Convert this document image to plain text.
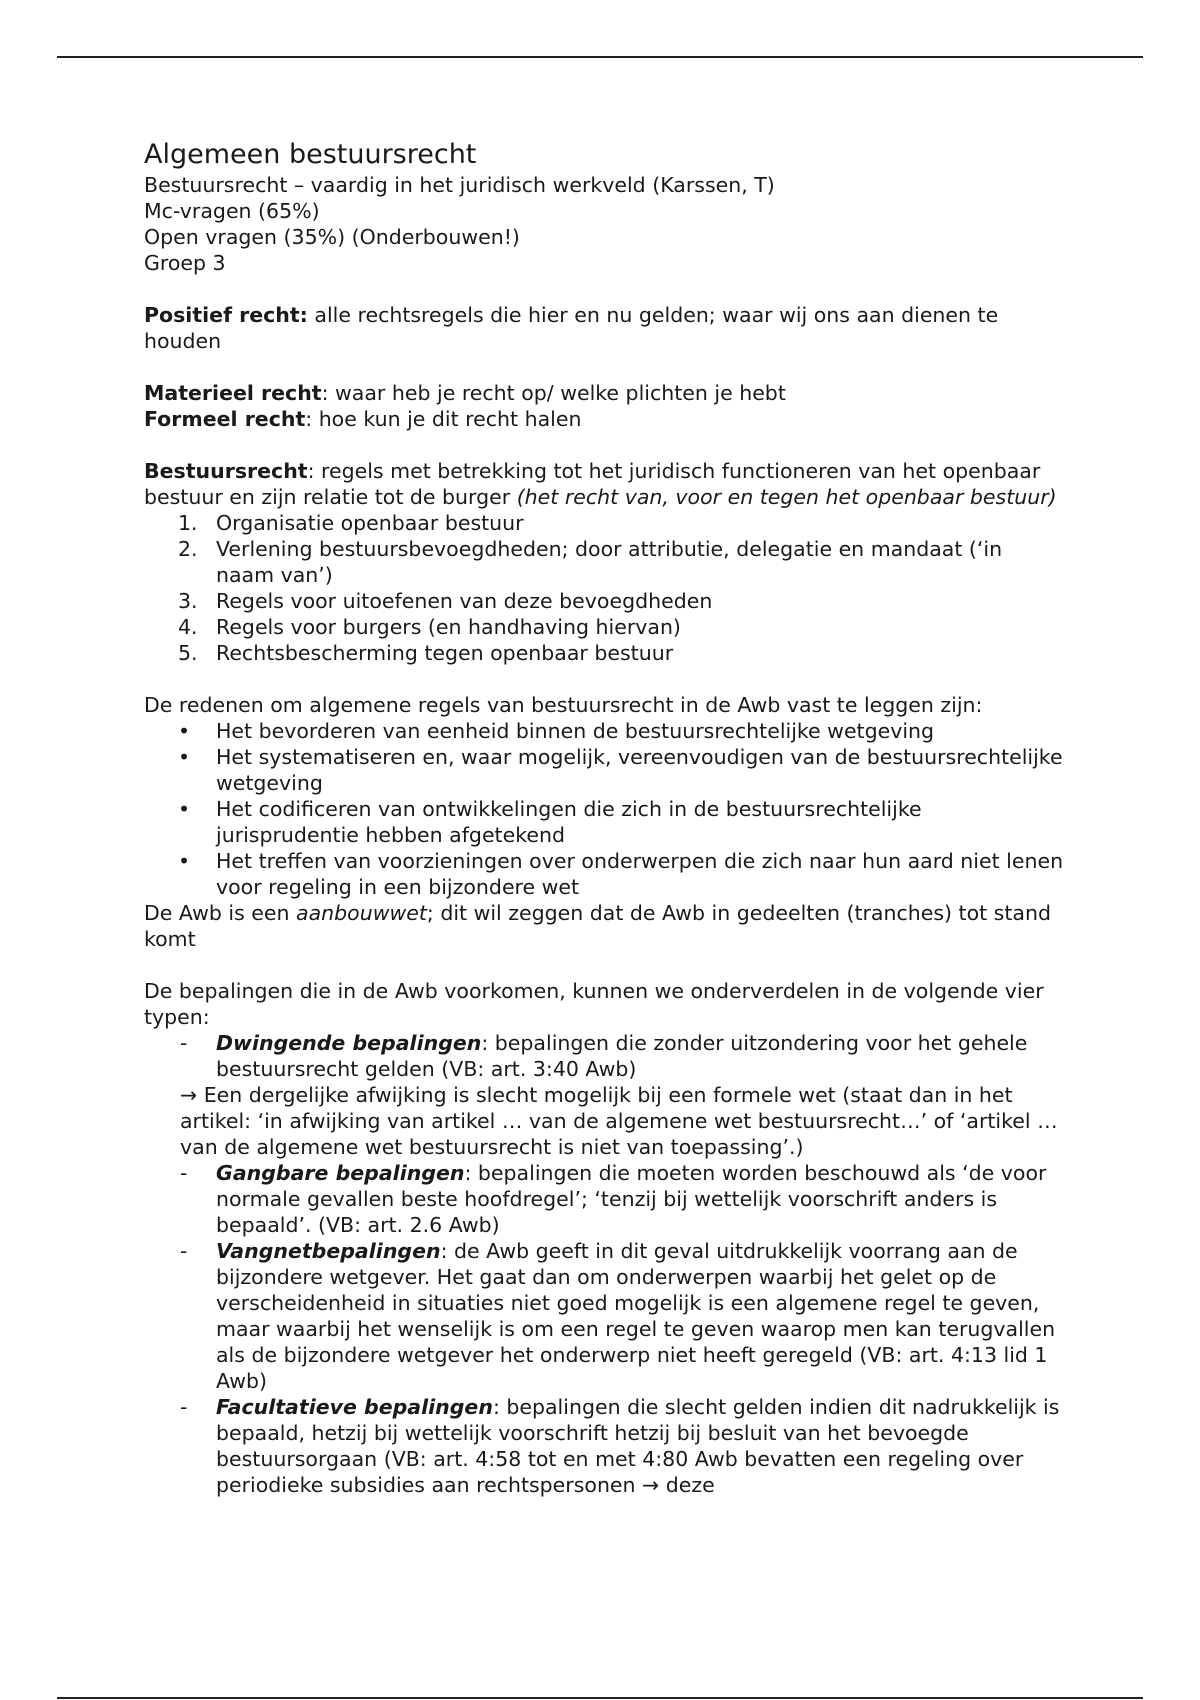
Algemeen bestuursrecht

Bestuursrecht – vaardig in het juridisch werkveld (Karssen, T)

Mc-vragen (65%)

Open vragen (35%) (Onderbouwen!)

Groep 3

Positief recht: alle rechtsregels die hier en nu gelden; waar wij ons aan dienen te houden

Materieel recht: waar heb je recht op/ welke plichten je hebt

Formeel recht: hoe kun je dit recht halen

Bestuursrecht: regels met betrekking tot het juridisch functioneren van het openbaar bestuur en zijn relatie tot de burger (het recht van, voor en tegen het openbaar bestuur)

1. Organisatie openbaar bestuur
2. Verlening bestuursbevoegdheden; door attributie, delegatie en mandaat (‘in naam van’)
3. Regels voor uitoefenen van deze bevoegdheden
4. Regels voor burgers (en handhaving hiervan)
5. Rechtsbescherming tegen openbaar bestuur

De redenen om algemene regels van bestuursrecht in de Awb vast te leggen zijn:

• Het bevorderen van eenheid binnen de bestuursrechtelijke wetgeving
• Het systematiseren en, waar mogelijk, vereenvoudigen van de bestuursrechtelijke wetgeving
• Het codificeren van ontwikkelingen die zich in de bestuursrechtelijke jurisprudentie hebben afgetekend
• Het treffen van voorzieningen over onderwerpen die zich naar hun aard niet lenen voor regeling in een bijzondere wet

De Awb is een aanbouwwet; dit wil zeggen dat de Awb in gedeelten (tranches) tot stand komt

De bepalingen die in de Awb voorkomen, kunnen we onderverdelen in de volgende vier typen:

- Dwingende bepalingen: bepalingen die zonder uitzondering voor het gehele bestuursrecht gelden (VB: art. 3:40 Awb)

→ Een dergelijke afwijking is slecht mogelijk bij een formele wet (staat dan in het artikel: ‘in afwijking van artikel … van de algemene wet bestuursrecht…’ of ‘artikel … van de algemene wet bestuursrecht is niet van toepassing’.)

- Gangbare bepalingen: bepalingen die moeten worden beschouwd als ‘de voor normale gevallen beste hoofdregel’; ‘tenzij bij wettelijk voorschrift anders is bepaald’. (VB: art. 2.6 Awb)
- Vangnetbepalingen: de Awb geeft in dit geval uitdrukkelijk voorrang aan de bijzondere wetgever. Het gaat dan om onderwerpen waarbij het gelet op de verscheidenheid in situaties niet goed mogelijk is een algemene regel te geven, maar waarbij het wenselijk is om een regel te geven waarop men kan terugvallen als de bijzondere wetgever het onderwerp niet heeft geregeld (VB: art. 4:13 lid 1 Awb)
- Facultatieve bepalingen: bepalingen die slecht gelden indien dit nadrukkelijk is bepaald, hetzij bij wettelijk voorschrift hetzij bij besluit van het bevoegde bestuursorgaan (VB: art. 4:58 tot en met 4:80 Awb bevatten een regeling over periodieke subsidies aan rechtspersonen → deze
